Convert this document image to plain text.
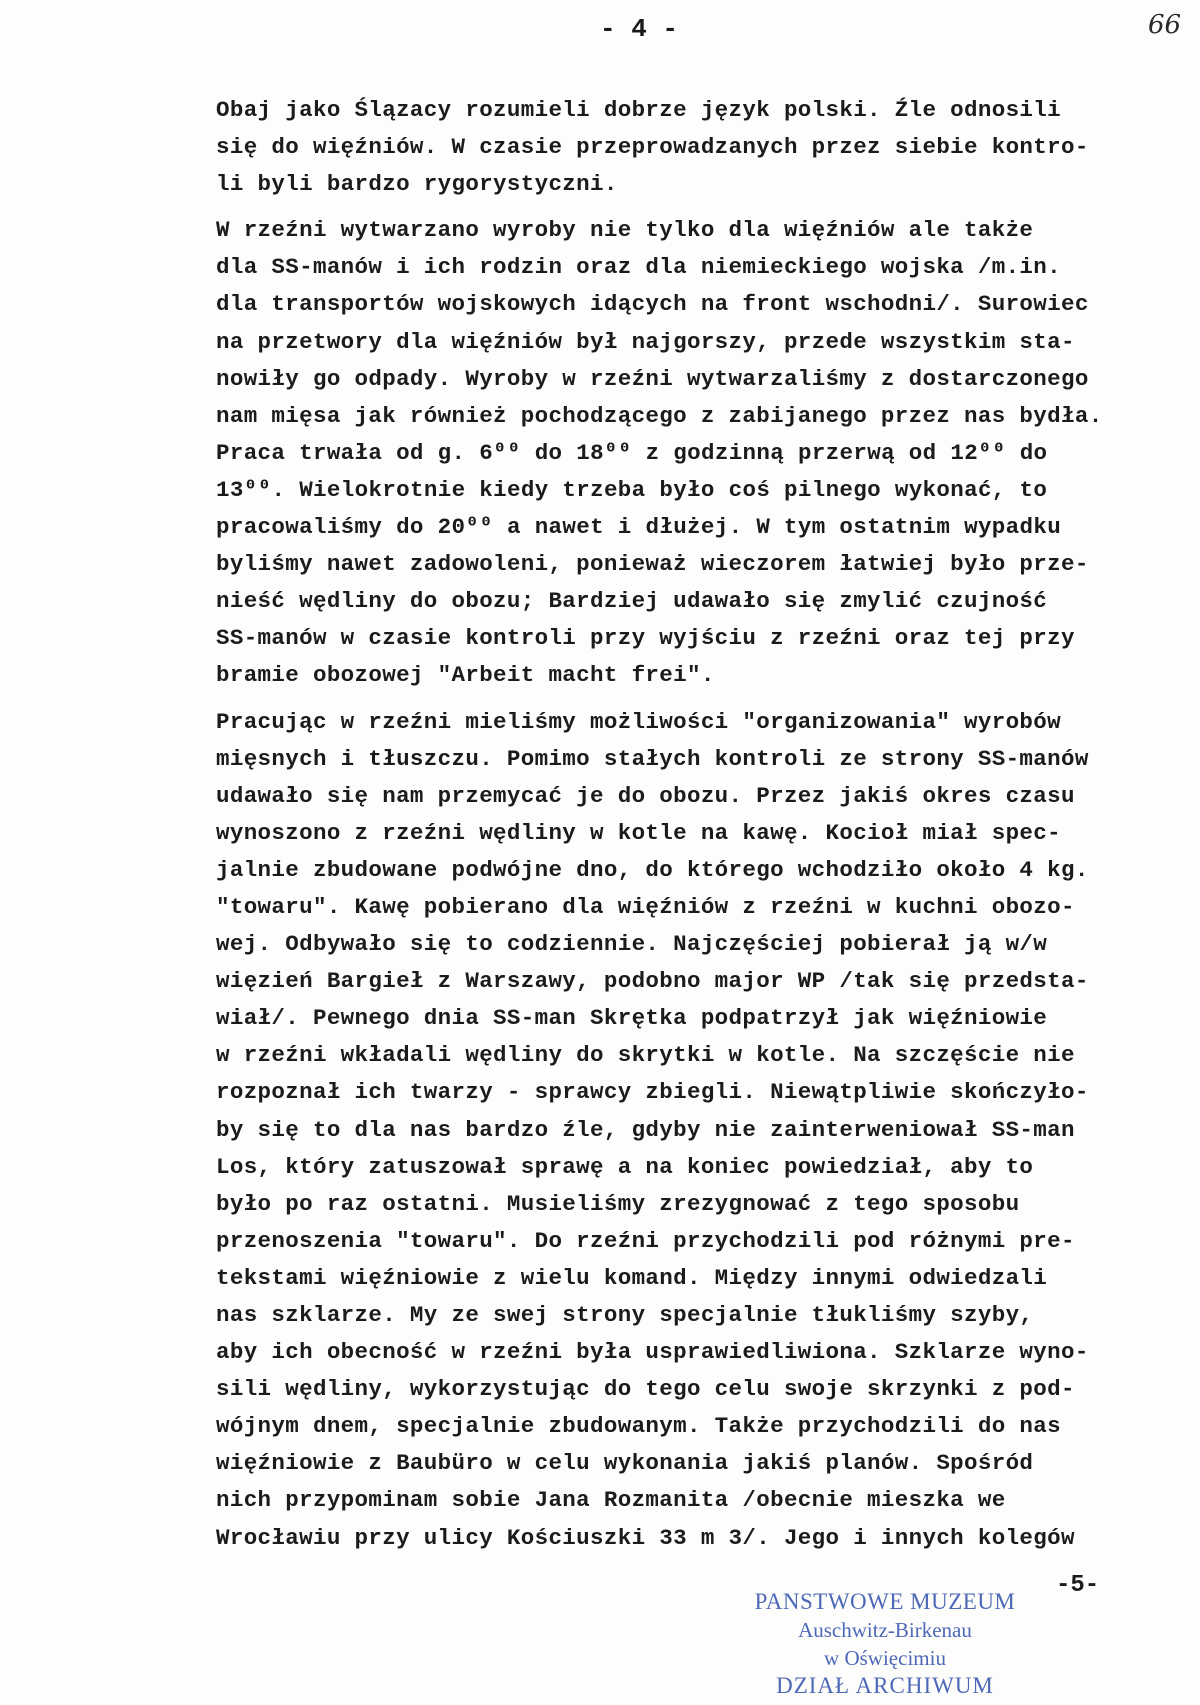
- 4 -	66
Obaj jako Ślązacy rozumieli dobrze język polski. Źle odnosili
się do więźniów. W czasie przeprowadzanych przez siebie kontro-
li byli bardzo rygorystyczni.
W rzeźni wytwarzano wyroby nie tylko dla więźniów ale także
dla SS-manów i ich rodzin oraz dla niemieckiego wojska /m.in.
dla transportów wojskowych idących na front wschodni/. Surowiec
na przetwory dla więźniów był najgorszy, przede wszystkim sta-
nowiły go odpady. Wyroby w rzeźni wytwarzaliśmy z dostarczonego
nam mięsa jak również pochodzącego z zabijanego przez nas bydła.
Praca trwała od g. 6⁰⁰ do 18⁰⁰ z godzinną przerwą od 12⁰⁰ do
13⁰⁰. Wielokrotnie kiedy trzeba było coś pilnego wykonać, to
pracowaliśmy do 20⁰⁰ a nawet i dłużej. W tym ostatnim wypadku
byliśmy nawet zadowoleni, ponieważ wieczorem łatwiej było prze-
nieść wędliny do obozu; Bardziej udawało się zmylić czujność
SS-manów w czasie kontroli przy wyjściu z rzeźni oraz tej przy
bramie obozowej "Arbeit macht frei".
Pracując w rzeźni mieliśmy możliwości "organizowania" wyrobów
mięsnych i tłuszczu. Pomimo stałych kontroli ze strony SS-manów
udawało się nam przemycać je do obozu. Przez jakiś okres czasu
wynoszono z rzeźni wędliny w kotle na kawę. Kocioł miał spec-
jalnie zbudowane podwójne dno, do którego wchodziło około 4 kg.
"towaru". Kawę pobierano dla więźniów z rzeźni w kuchni obozo-
wej. Odbywało się to codziennie. Najczęściej pobierał ją w/w
więzień Bargieł z Warszawy, podobno major WP /tak się przedsta-
wiał/. Pewnego dnia SS-man Skrętka podpatrzył jak więźniowie
w rzeźni wkładali wędliny do skrytki w kotle. Na szczęście nie
rozpoznał ich twarzy - sprawcy zbiegli. Niewątpliwie skończyło-
by się to dla nas bardzo źle, gdyby nie zainterweniował SS-man
Los, który zatuszował sprawę a na koniec powiedział, aby to
było po raz ostatni. Musieliśmy zrezygnować z tego sposobu
przenoszenia "towaru". Do rzeźni przychodzili pod różnymi pre-
tekstami więźniowie z wielu komand. Między innymi odwiedzali
nas szklarze. My ze swej strony specjalnie tłukliśmy szyby,
aby ich obecność w rzeźni była usprawiedliwiona. Szklarze wyno-
sili wędliny, wykorzystując do tego celu swoje skrzynki z pod-
wójnym dnem, specjalnie zbudowanym. Także przychodzili do nas
więźniowie z Baubüro w celu wykonania jakiś planów. Spośród
nich przypominam sobie Jana Rozmanita /obecnie mieszka we
Wrocławiu przy ulicy Kościuszki 33 m 3/. Jego i innych kolegów
-5-
PANSTWOWE MUZEUM
Auschwitz-Birkenau
w Oświęcimiu
DZIAŁ ARCHIWUM
